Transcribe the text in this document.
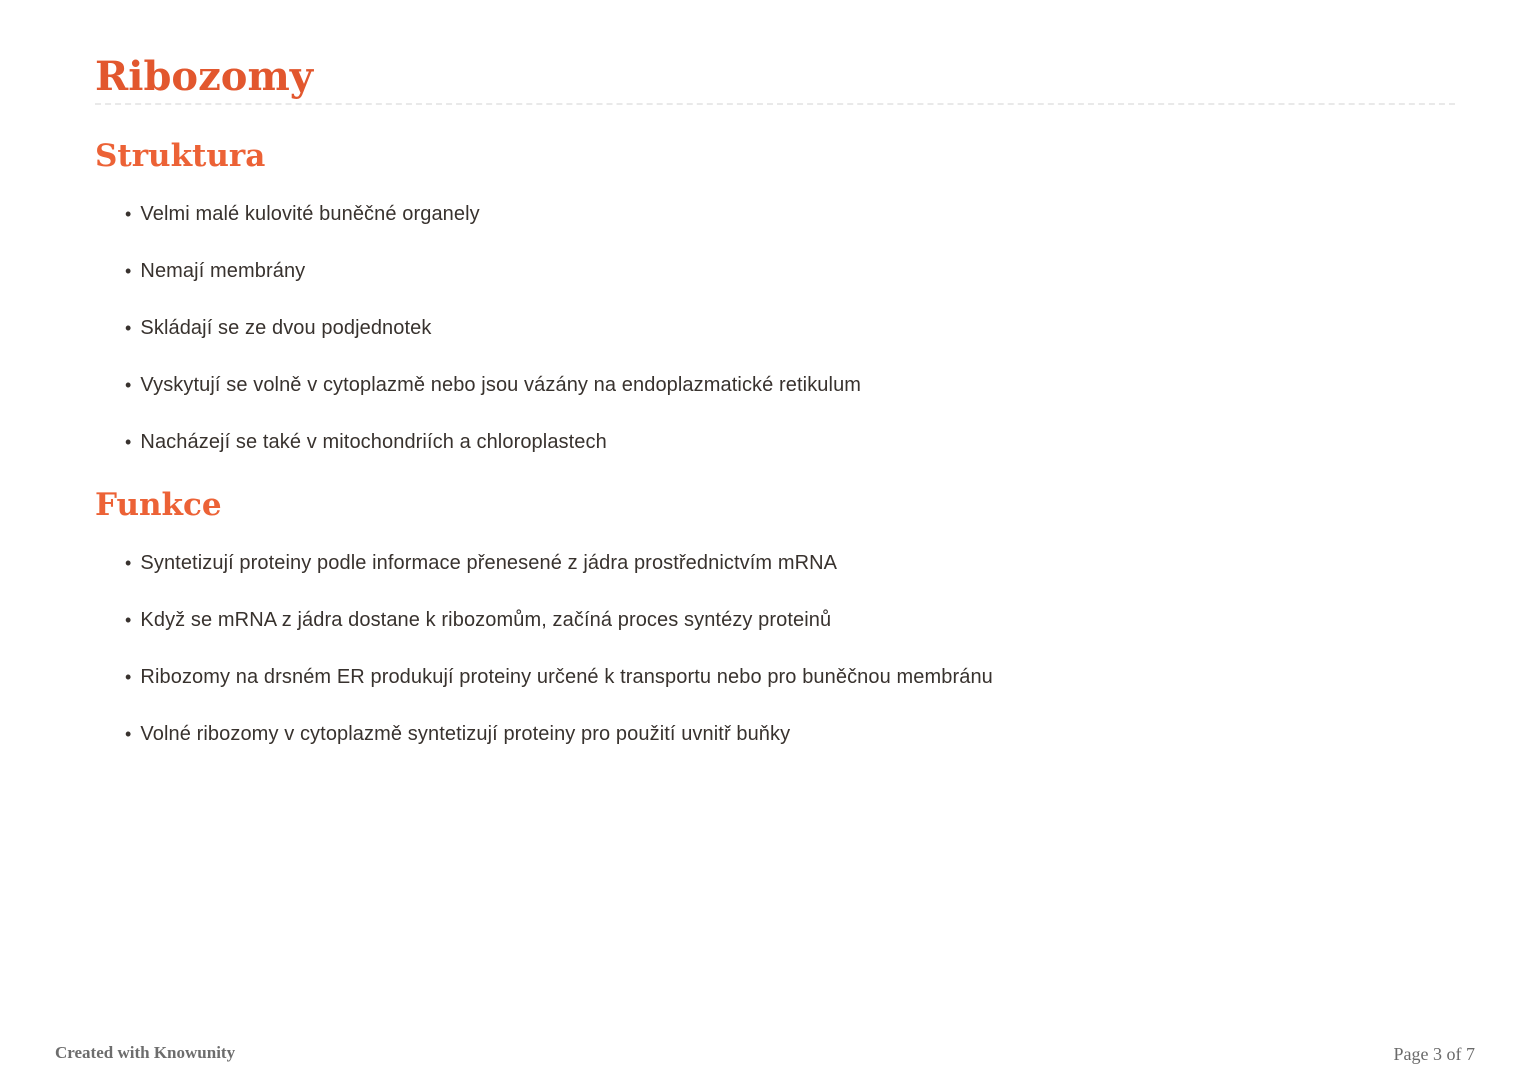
Ribozomy
Struktura
• Velmi malé kulovité buněčné organely
• Nemají membrány
• Skládají se ze dvou podjednotek
• Vyskytují se volně v cytoplazmě nebo jsou vázány na endoplazmatické retikulum
• Nacházejí se také v mitochondriích a chloroplastech
Funkce
• Syntetizují proteiny podle informace přenesené z jádra prostřednictvím mRNA
• Když se mRNA z jádra dostane k ribozomům, začíná proces syntézy proteinů
• Ribozomy na drsném ER produkují proteiny určené k transportu nebo pro buněčnou membránu
• Volné ribozomy v cytoplazmě syntetizují proteiny pro použití uvnitř buňky
Created with Knowunity	Page 3 of 7
